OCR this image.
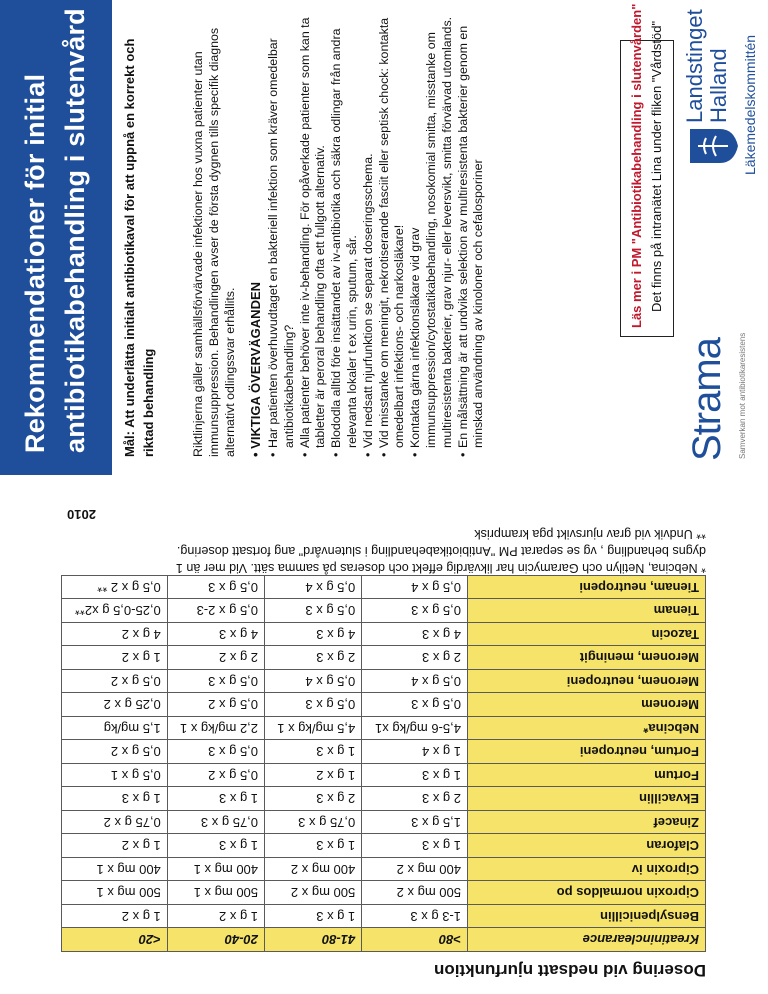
Rekommendationer för initial antibiotikabehandling i slutenvård Mål: Att underlätta initialt antibiotikaval för att uppnå en korrekt och riktad behandling	Riktlinjerna gäller samhällsförvärvade infektioner hos vuxna patienter utan immunsuppression. Behandlingen avser de första dygnen tills specifik diagnos alternativt odlingssvar erhållits. • VIKTIGA ÖVERVÄGANDEN • Har patienten överhuvudtaget en bakteriell infektion som kräver omedelbar antibiotikabehandling? • Alla patienter behöver inte iv-behandling. För opåverkade patienter som kan ta tabletter är peroral behandling ofta ett fullgott alternativ. • Blododla alltid före insättandet av iv-antibiotika och säkra odlingar från andra relevanta lokaler t ex urin, sputum, sår. • Vid nedsatt njurfunktion se separat doseringsschema. • Vid misstanke om meningit, nekrotiserande fasciit eller septisk chock: kontakta omedelbart infektions- och narkosläkare! • Kontakta gärna infektionsläkare vid grav immunsuppression/cytostatikabehandling, nosokomial smitta, misstanke om multiresistenta bakterier, grav njur- eller leversvikt, smitta förvärvad utomlands. • En målsättning är att undvika selektion av multiresistenta bakterier genom en minskad användning av kinoloner och cefalosporiner	Läs mer i PM "Antibiotikabehandling i slutenvården" Det finns på intranätet Lina under fliken "Vårdstöd"
Strama Samverkan mot antibiotikaresistens
Landstinget Halland Läkemedelskommittén
Dosering vid nedsatt njurfunktion
Kreatininclearance	>80	41-80	20-40	<20
Bensylpenicillin	1-3 g x 3	1 g x 3	1 g x 2	1 g x 2
Ciproxin normaldos po	500 mg x 2	500 mg x 2	500 mg x 1	500 mg x 1
Ciproxin iv	400 mg x 2	400 mg x 2	400 mg x 1	400 mg x 1
Claforan	1 g x 3	1 g x 3	1 g x 3	1 g x 2
Zinacef	1,5 g x 3	0,75 g x 3	0,75 g x 3	0,75 g x 2
Ekvacillin	2 g x 3	2 g x 3	1 g x 3	1 g x 3
Fortum	1 g x 3	1 g x 2	0,5 g x 2	0,5 g x 1
Fortum, neutropeni	1 g x 4	1 g x 3	0,5 g x 3	0,5 g x 2
Nebcina*	4,5-6 mg/kg x1	4,5 mg/kg x 1	2,2 mg/kg x 1	1,5 mg/kg
Meronem	0,5 g x 3	0,5 g x 3	0,5 g x 2	0,25 g x 2
Meronem, neutropeni	0,5 g x 4	0,5 g x 4	0,5 g x 3	0,5 g x 2
Meronem, meningit	2 g x 3	2 g x 3	2 g x 2	1 g x 2
Tazocin	4 g x 3	4 g x 3	4 g x 3	4 g x 2
Tienam	0,5 g x 3	0,5 g x 3	0,5 g x 2-3	0,25-0,5 g x2**
Tienam, neutropeni	0,5 g x 4	0,5 g x 4	0,5 g x 3	0,5 g x 2 **
* Nebcina, Netilyn och Garamycin har likvärdig effekt och doseras på samma sätt. Vid mer än 1
dygns behandling , vg se separat PM "Antibiotikabehandling i slutenvård" ang fortsatt dosering.
** Undvik vid grav njursvikt pga kramprisk
2010
